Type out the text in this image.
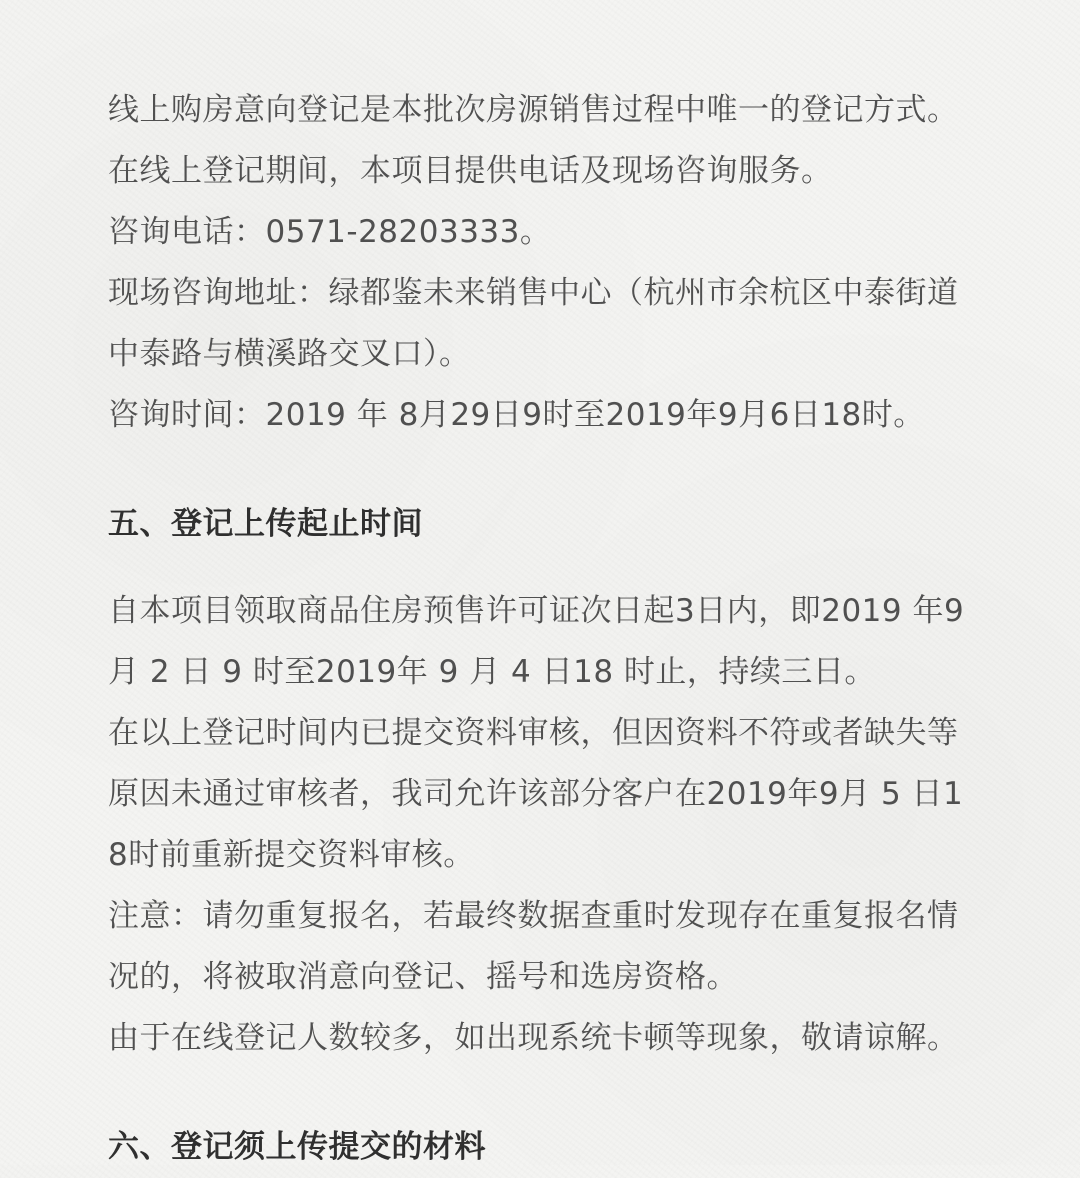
线上购房意向登记是本批次房源销售过程中唯一的登记方式。在线上登记期间，本项目提供电话及现场咨询服务。

咨询电话：0571-28203333。

现场咨询地址：绿都鉴未来销售中心（杭州市余杭区中泰街道中泰路与横溪路交叉口）。

咨询时间：2019 年 8月29日9时至2019年9月6日18时。

五、登记上传起止时间

自本项目领取商品住房预售许可证次日起3日内，即2019 年9月 2 日 9 时至2019年 9 月 4 日18 时止，持续三日。

在以上登记时间内已提交资料审核，但因资料不符或者缺失等原因未通过审核者，我司允许该部分客户在2019年9月 5 日18时前重新提交资料审核。

注意：请勿重复报名，若最终数据查重时发现存在重复报名情况的，将被取消意向登记、摇号和选房资格。

由于在线登记人数较多，如出现系统卡顿等现象，敬请谅解。

六、登记须上传提交的材料
